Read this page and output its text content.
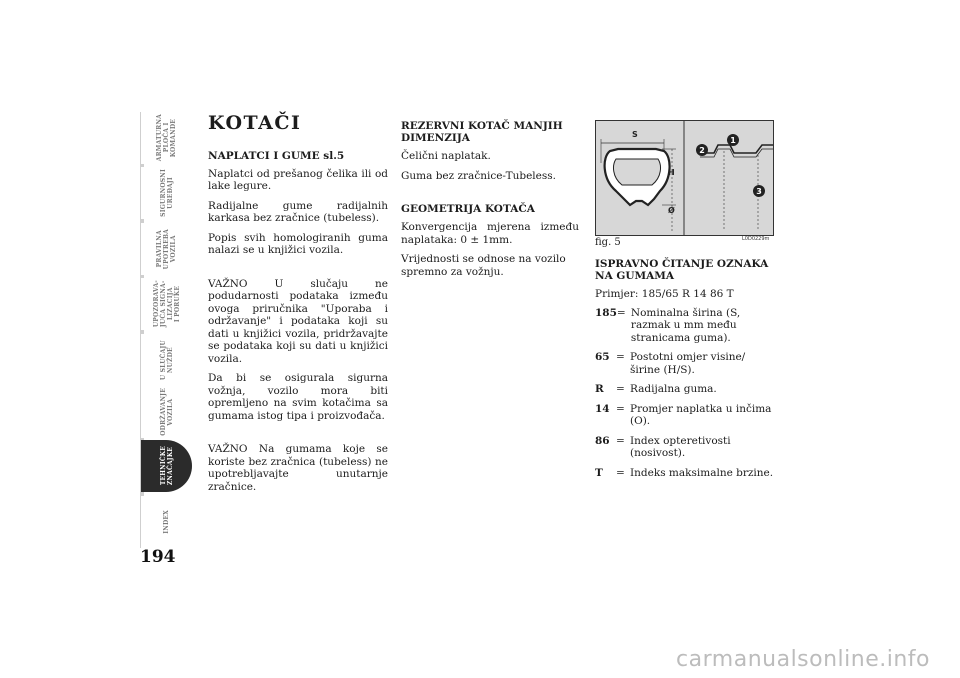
ARMATURNA
PLOČA I
KOMANDE
SIGURNOSNI
UREĐAJI
PRAVILNA
UPOTREBA
VOZILA
UPOZORAVA-
JUĆA SIGNA-
LIZACIJA
I PORUKE
U SLUČAJU
NUŽDE
ODRŽAVANJE
VOZILA
TEHNIČKE
ZNAČAJKE
INDEX
194
KOTAČI
NAPLATCI I GUME sl.5

Naplatci od prešanog čelika ili od lake legure.

Radijalne gume radijalnih karkasa bez zračnice (tubeless).

Popis svih homologiranih guma nalazi se u knjižici vozila.

VAŽNO U slučaju ne podudarnosti podataka između ovoga priručnika "Uporaba i održavanje" i podataka koji su dati u knjižici vozila, pridržavajte se podataka koji su dati u knjižici vozila.

Da bi se osigurala sigurna vožnja, vozilo mora biti opremljeno na svim kotačima sa gumama istog tipa i proizvođača.

VAŽNO Na gumama koje se koriste bez zračnica (tubeless) ne upotrebljavajte unutarnje zračnice.

REZERVNI KOTAČ MANJIH DIMENZIJA

Čelični naplatak.

Guma bez zračnice-Tubeless.

GEOMETRIJA KOTAČA

Konvergencija mjerena između naplataka: 0 ± 1mm.

Vrijednosti se odnose na vozilo spremno za vožnju.

S
H
Ø
1
2
3
fig. 5	L0D0229m
ISPRAVNO ČITANJE OZNAKA NA GUMAMA

Primjer: 185/65 R 14 86 T

185 = Nominalna širina (S, razmak u mm među stranicama guma).
65 = Postotni omjer visine/širine (H/S).
R	= Radijalna guma.
14 = Promjer naplatka u inčima (O).
86 = Index opteretivosti (nosivost).
T	= Indeks maksimalne brzine.
carmanualsonline.info
